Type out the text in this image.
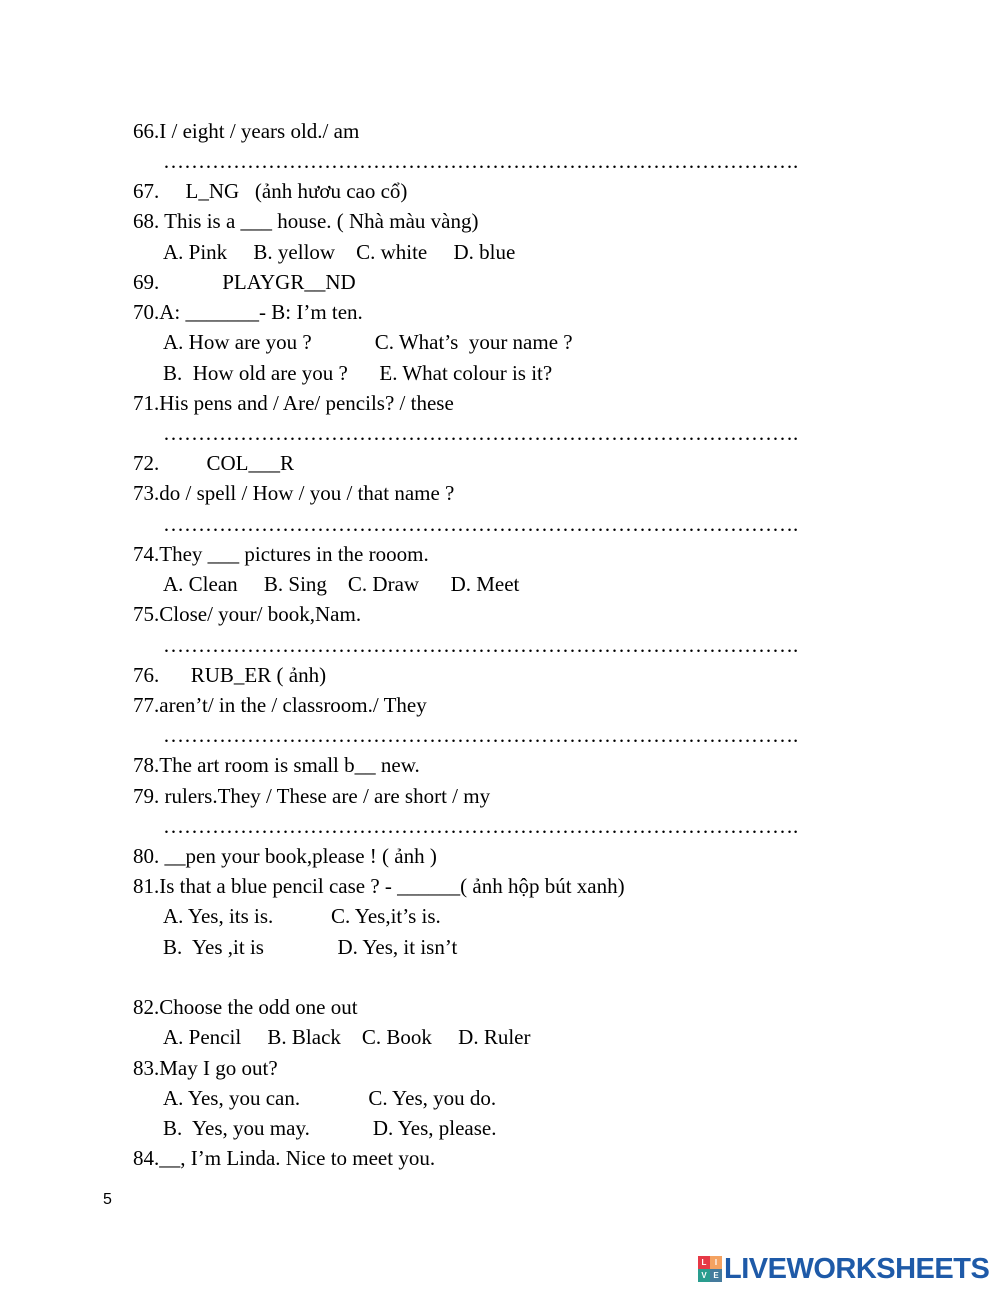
66.I / eight / years old./ am

……………………………………………………………………………….

67.     L_NG   (ảnh hươu cao cổ)

68. This is a ___ house. ( Nhà màu vàng)

A. Pink     B. yellow    C. white     D. blue

69.            PLAYGR__ND

70.A: _______- B: I’m ten.

A. How are you ?            C. What’s  your name ?

B.  How old are you ?      E. What colour is it?

71.His pens and / Are/ pencils? / these

……………………………………………………………………………….

72.         COL___R

73.do / spell / How / you / that name ?

……………………………………………………………………………….

74.They ___ pictures in the rooom.

A. Clean     B. Sing    C. Draw      D. Meet

75.Close/ your/ book,Nam.

……………………………………………………………………………….

76.      RUB_ER ( ảnh)

77.aren’t/ in the / classroom./ They

……………………………………………………………………………….

78.The art room is small b__ new.

79. rulers.They / These are / are short / my

……………………………………………………………………………….

80. __pen your book,please ! ( ảnh )

81.Is that a blue pencil case ? - ______( ảnh hộp bút xanh)

A. Yes, its is.           C. Yes,it’s is.

B.  Yes ,it is              D. Yes, it isn’t

82.Choose the odd one out

A. Pencil     B. Black    C. Book     D. Ruler

83.May I go out?

A. Yes, you can.             C. Yes, you do.

B.  Yes, you may.            D. Yes, please.

84.__, I’m Linda. Nice to meet you.

5
L	I
V E LIVEWORKSHEETS
